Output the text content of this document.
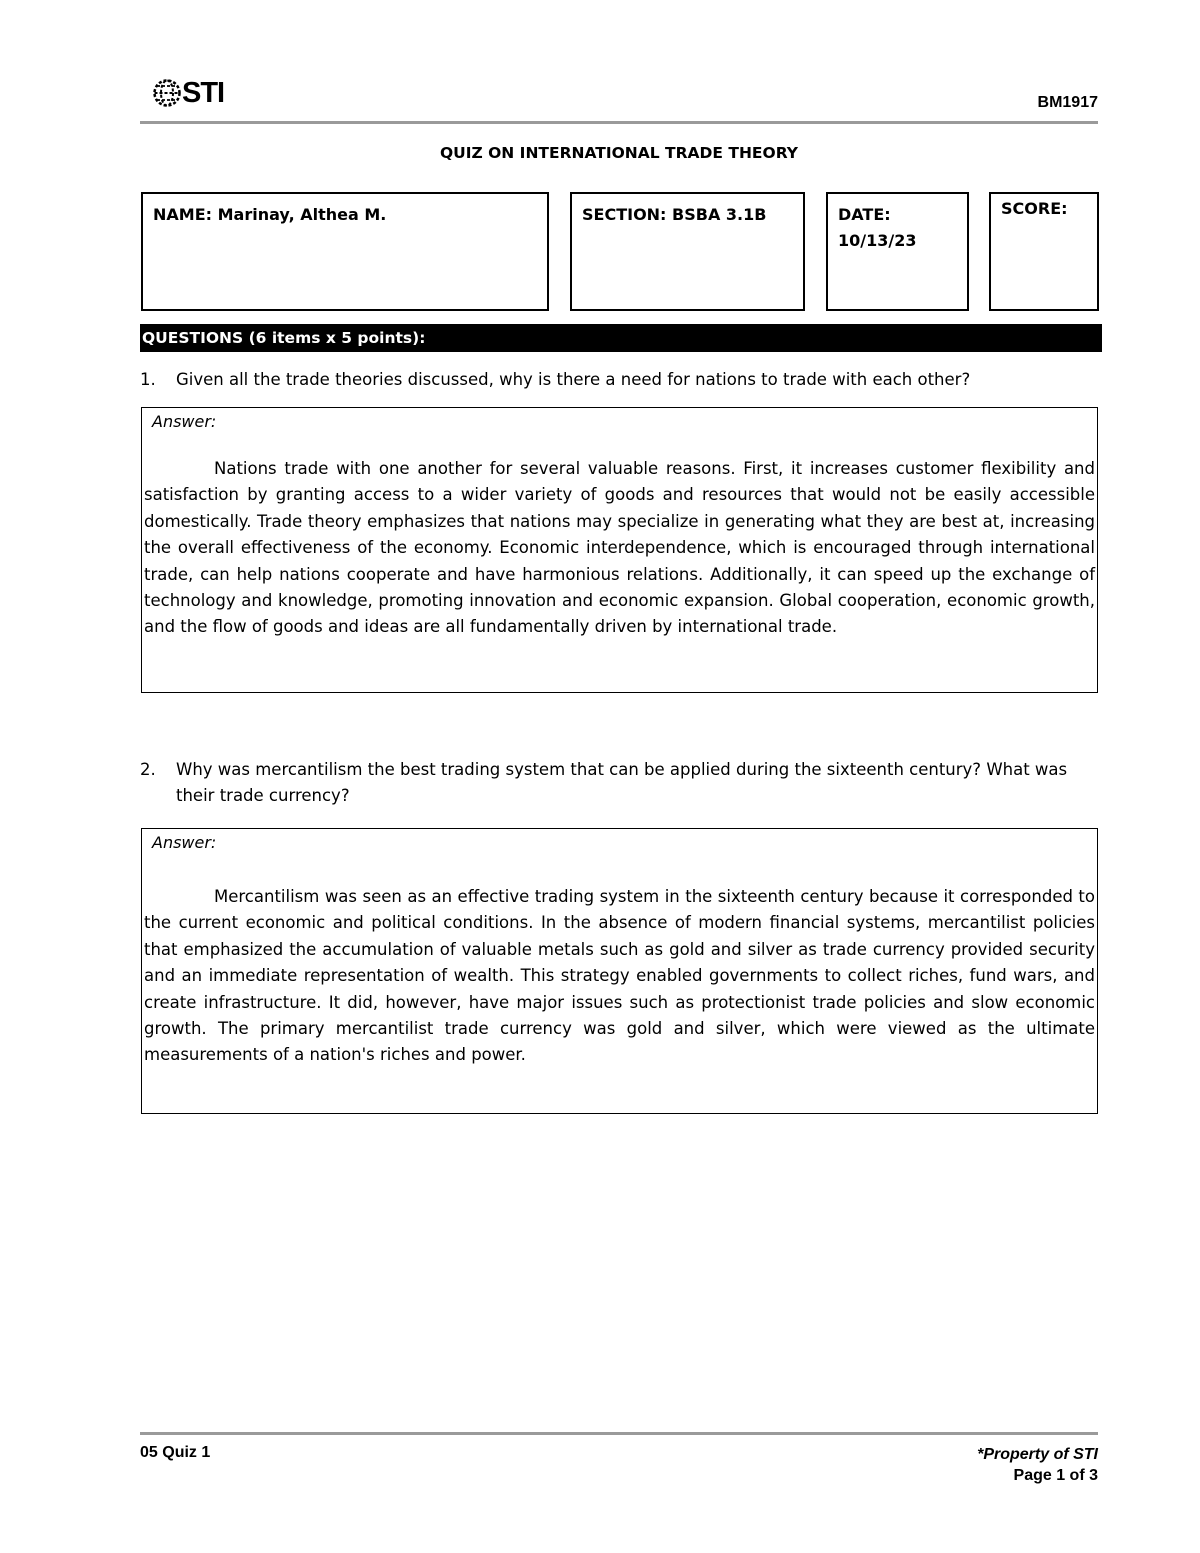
STI	BM1917
QUIZ ON INTERNATIONAL TRADE THEORY
NAME: Marinay, Althea M.	SECTION: BSBA 3.1B	DATE:
10/13/23
SCORE:
QUESTIONS (6 items x 5 points):
1.	Given all the trade theories discussed, why is there a need for nations to trade with each other?
Answer:
Nations trade with one another for several valuable reasons. First, it increases customer flexibility and satisfaction by granting access to a wider variety of goods and resources that would not be easily accessible domestically. Trade theory emphasizes that nations may specialize in generating what they are best at, increasing the overall effectiveness of the economy. Economic interdependence, which is encouraged through international trade, can help nations cooperate and have harmonious relations. Additionally, it can speed up the exchange of technology and knowledge, promoting innovation and economic expansion. Global cooperation, economic growth, and the flow of goods and ideas are all fundamentally driven by international trade.
2.	Why was mercantilism the best trading system that can be applied during the sixteenth century? What was their trade currency?
Answer:
Mercantilism was seen as an effective trading system in the sixteenth century because it corresponded to the current economic and political conditions. In the absence of modern financial systems, mercantilist policies that emphasized the accumulation of valuable metals such as gold and silver as trade currency provided security and an immediate representation of wealth. This strategy enabled governments to collect riches, fund wars, and create infrastructure. It did, however, have major issues such as protectionist trade policies and slow economic growth. The primary mercantilist trade currency was gold and silver, which were viewed as the ultimate measurements of a nation's riches and power.
05 Quiz 1	*Property of STI
Page 1 of 3
